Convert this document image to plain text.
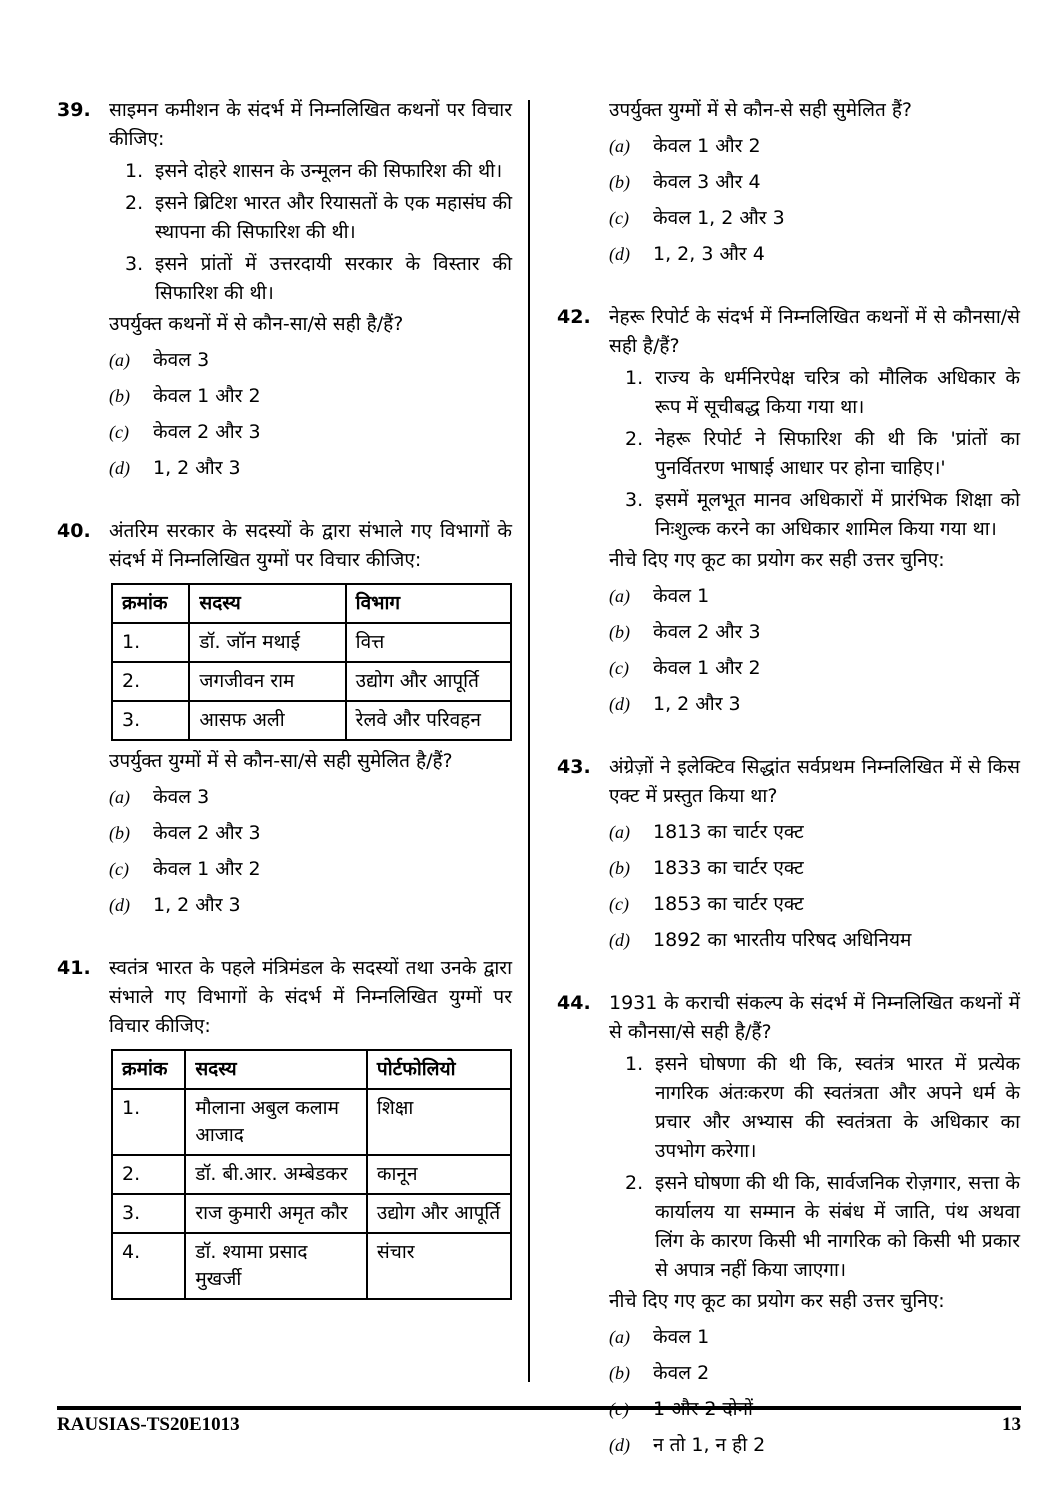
39. साइमन कमीशन के संदर्भ में निम्नलिखित कथनों पर विचार कीजिए:

1. इसने दोहरे शासन के उन्मूलन की सिफारिश की थी।
2. इसने ब्रिटिश भारत और रियासतों के एक महासंघ की स्थापना की सिफारिश की थी।
3. इसने प्रांतों में उत्तरदायी सरकार के विस्तार की सिफारिश की थी।

उपर्युक्त कथनों में से कौन-सा/से सही है/हैं?

(a)	केवल 3
(b)	केवल 1 और 2
(c)	केवल 2 और 3
(d)	1, 2 और 3
40. अंतरिम सरकार के सदस्यों के द्वारा संभाले गए विभागों के संदर्भ में निम्नलिखित युग्मों पर विचार कीजिए:

क्रमांक	सदस्य	विभाग
1.	डॉ. जॉन मथाई	वित्त
2.	जगजीवन राम	उद्योग और आपूर्ति
3.	आसफ अली	रेलवे और परिवहन

उपर्युक्त युग्मों में से कौन-सा/से सही सुमेलित है/हैं?

(a)	केवल 3
(b)	केवल 2 और 3
(c)	केवल 1 और 2
(d)	1, 2 और 3
41. स्वतंत्र भारत के पहले मंत्रिमंडल के सदस्यों तथा उनके द्वारा संभाले गए विभागों के संदर्भ में निम्नलिखित युग्मों पर विचार कीजिए:

क्रमांक	सदस्य	पोर्टफोलियो
1.	मौलाना अबुल कलाम आजाद	शिक्षा
2.	डॉ. बी.आर. अम्बेडकर	कानून
3.	राज कुमारी अमृत कौर	उद्योग और आपूर्ति
4.	डॉ. श्यामा प्रसाद मुखर्जी	संचार

उपर्युक्त युग्मों में से कौन-से सही सुमेलित हैं?

(a)	केवल 1 और 2
(b)	केवल 3 और 4
(c)	केवल 1, 2 और 3
(d)	1, 2, 3 और 4
42. नेहरू रिपोर्ट के संदर्भ में निम्नलिखित कथनों में से कौनसा/से सही है/हैं?

1. राज्य के धर्मनिरपेक्ष चरित्र को मौलिक अधिकार के रूप में सूचीबद्ध किया गया था।
2. नेहरू रिपोर्ट ने सिफारिश की थी कि 'प्रांतों का पुनर्वितरण भाषाई आधार पर होना चाहिए।'
3. इसमें मूलभूत मानव अधिकारों में प्रारंभिक शिक्षा को निःशुल्क करने का अधिकार शामिल किया गया था।

नीचे दिए गए कूट का प्रयोग कर सही उत्तर चुनिए:

(a)	केवल 1
(b)	केवल 2 और 3
(c)	केवल 1 और 2
(d)	1, 2 और 3
43. अंग्रेज़ों ने इलेक्टिव सिद्धांत सर्वप्रथम निम्नलिखित में से किस एक्ट में प्रस्तुत किया था?

(a)	1813 का चार्टर एक्ट
(b)	1833 का चार्टर एक्ट
(c)	1853 का चार्टर एक्ट
(d)	1892 का भारतीय परिषद अधिनियम
44. 1931 के कराची संकल्प के संदर्भ में निम्नलिखित कथनों में से कौनसा/से सही है/हैं?

1. इसने घोषणा की थी कि, स्वतंत्र भारत में प्रत्येक नागरिक अंतःकरण की स्वतंत्रता और अपने धर्म के प्रचार और अभ्यास की स्वतंत्रता के अधिकार का उपभोग करेगा।
2. इसने घोषणा की थी कि, सार्वजनिक रोज़गार, सत्ता के कार्यालय या सम्मान के संबंध में जाति, पंथ अथवा लिंग के कारण किसी भी नागरिक को किसी भी प्रकार से अपात्र नहीं किया जाएगा।

नीचे दिए गए कूट का प्रयोग कर सही उत्तर चुनिए:

(a)	केवल 1
(b)	केवल 2
(d)	न तो 1, न ही 2
RAUSIAS-TS20E1013	13
